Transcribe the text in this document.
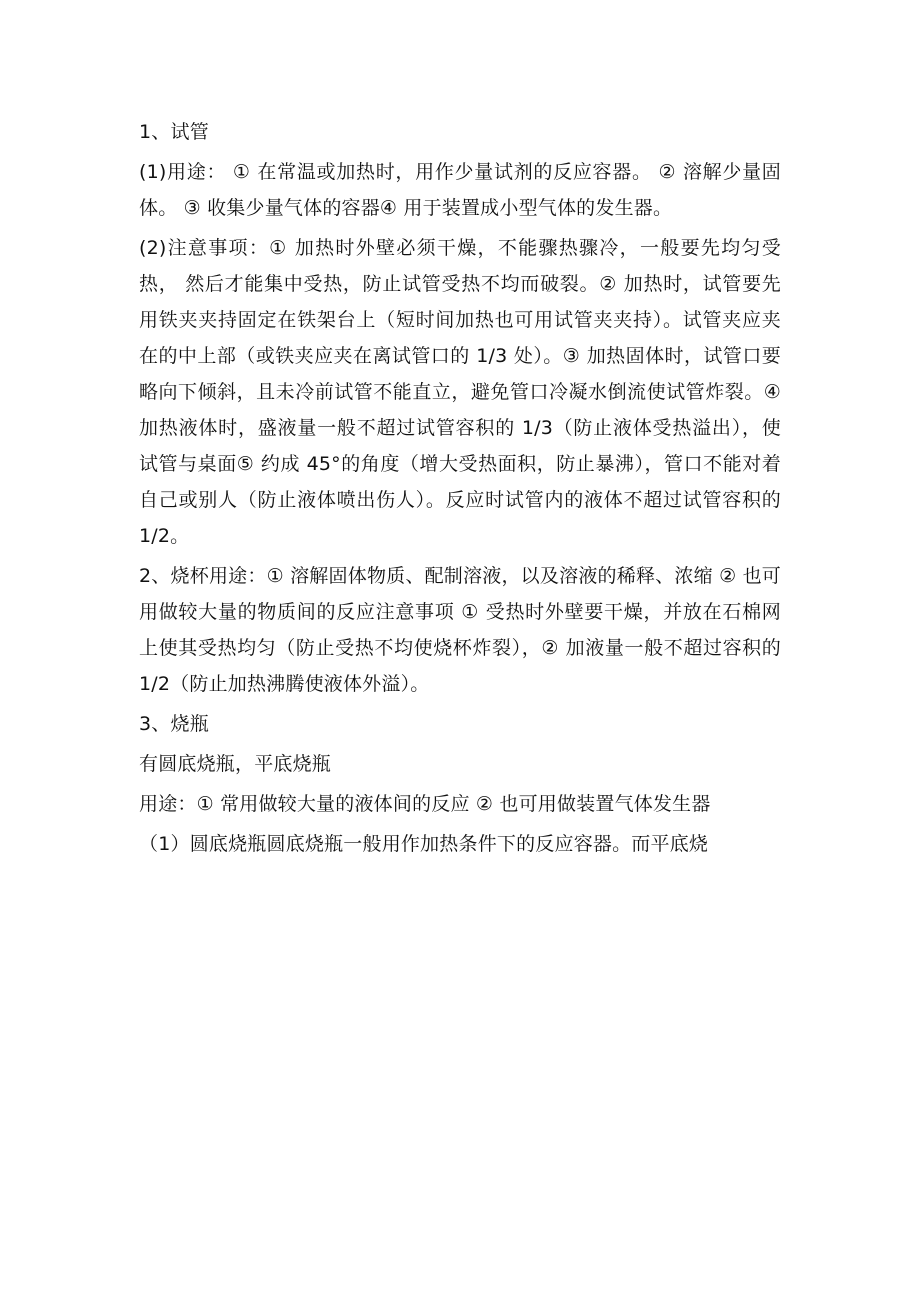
1、试管

(1)用途： ① 在常温或加热时，用作少量试剂的反应容器。 ② 溶解少量固体。 ③ 收集少量气体的容器④ 用于装置成小型气体的发生器。

(2)注意事项：① 加热时外壁必须干燥，不能骤热骤冷，一般要先均匀受热， 然后才能集中受热，防止试管受热不均而破裂。② 加热时，试管要先用铁夹夹持固定在铁架台上（短时间加热也可用试管夹夹持）。试管夹应夹在的中上部（或铁夹应夹在离试管口的 1/3 处）。③ 加热固体时，试管口要略向下倾斜，且未冷前试管不能直立，避免管口冷凝水倒流使试管炸裂。④ 加热液体时，盛液量一般不超过试管容积的 1/3（防止液体受热溢出），使试管与桌面⑤ 约成 45°的角度（增大受热面积，防止暴沸），管口不能对着自己或别人（防止液体喷出伤人）。反应时试管内的液体不超过试管容积的 1/2。

2、烧杯用途：① 溶解固体物质、配制溶液，以及溶液的稀释、浓缩 ② 也可用做较大量的物质间的反应注意事项 ① 受热时外壁要干燥，并放在石棉网上使其受热均匀（防止受热不均使烧杯炸裂），② 加液量一般不超过容积的 1/2（防止加热沸腾使液体外溢）。

3、烧瓶

有圆底烧瓶，平底烧瓶

用途：① 常用做较大量的液体间的反应 ② 也可用做装置气体发生器

（1）圆底烧瓶圆底烧瓶一般用作加热条件下的反应容器。而平底烧
